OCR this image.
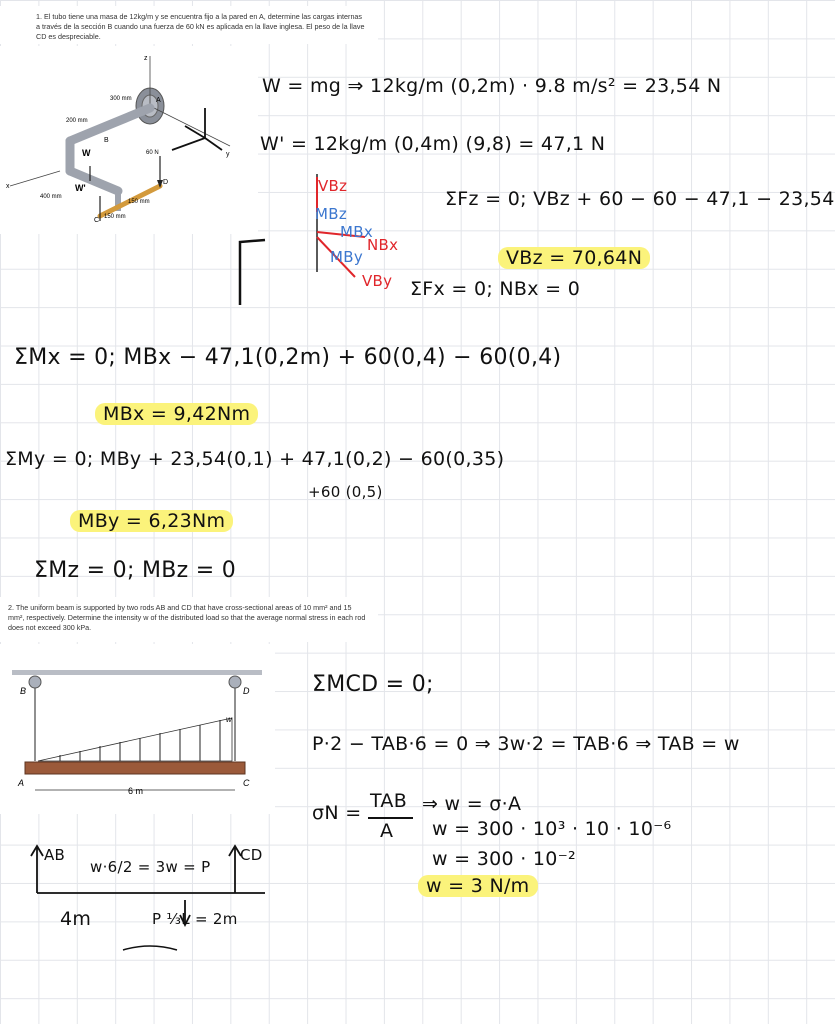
1. El tubo tiene una masa de 12kg/m y se encuentra fijo a la pared en A, determine las cargas internas a través de la sección B cuando una fuerza de 60 kN es aplicada en la llave inglesa. El peso de la llave CD es despreciable.
z
y
x
300 mm
200 mm
400 mm
150 mm
150 mm
60 N
A
B
C
D
W
W'
W = mg ⇒ 12kg/m (0,2m) · 9.8 m/s² = 23,54 N
W' = 12kg/m (0,4m) (9,8) = 47,1 N
VBz
MBz
MBx
NBx
MBy
VBy
ΣFz = 0; VBz + 60 − 60 − 47,1 − 23,54
VBz = 70,64N
ΣFx = 0; NBx = 0
ΣMx = 0; MBx − 47,1(0,2m) + 60(0,4) − 60(0,4)
MBx = 9,42Nm
ΣMy = 0; MBy + 23,54(0,1) + 47,1(0,2) − 60(0,35)
+60 (0,5)
MBy = 6,23Nm
ΣMz = 0; MBz = 0
2. The uniform beam is supported by two rods AB and CD that have cross-sectional areas of 10 mm² and 15 mm², respectively. Determine the intensity w of the distributed load so that the average normal stress in each rod does not exceed 300 kPa.
B	D
A	C
w
6 m
ΣMCD = 0;
P·2 − TAB·6 = 0 ⇒ 3w·2 = TAB·6 ⇒ TAB = w
σN =
TAB
A
⇒ w = σ·A
w = 300 · 10³ · 10 · 10⁻⁶
w = 300 · 10⁻²
w = 3 N/m
AB	CD
w·6/2 = 3w = P
4m	P ⅓L = 2m
